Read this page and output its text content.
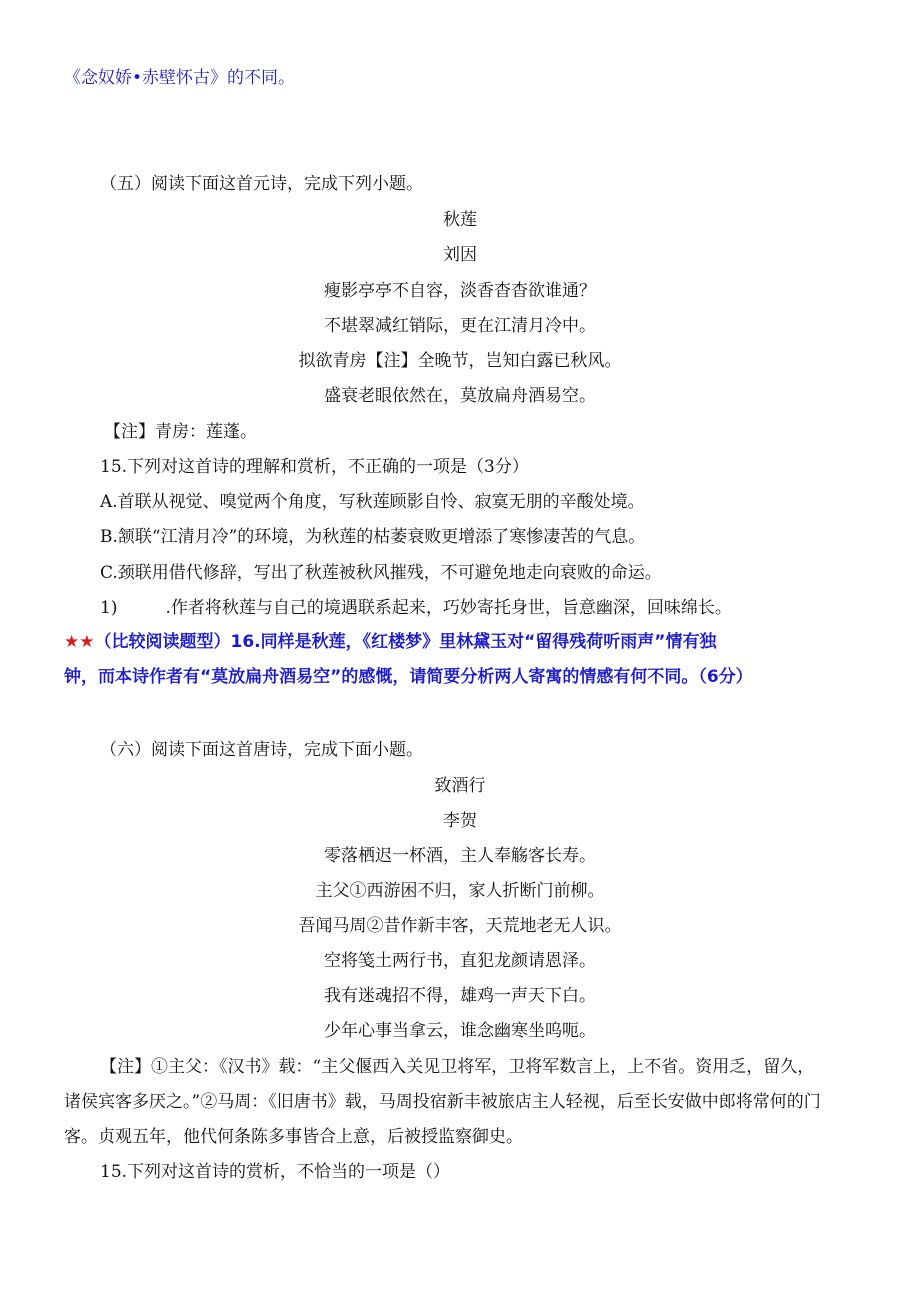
《念奴娇•赤壁怀古》的不同。
（五）阅读下面这首元诗，完成下列小题。
秋莲
刘因
瘦影亭亭不自容，淡香杳杳欲谁通？
不堪翠减红销际，更在江清月冷中。
拟欲青房【注】全晚节，岂知白露已秋风。
盛衰老眼依然在，莫放扁舟酒易空。
【注】青房：莲蓬。
15.下列对这首诗的理解和赏析，不正确的一项是（3分）
A.首联从视觉、嗅觉两个角度，写秋莲顾影自怜、寂寞无朋的辛酸处境。
B.颔联“江清月冷”的环境，为秋莲的枯萎衰败更增添了寒惨凄苦的气息。
C.颈联用借代修辞，写出了秋莲被秋风摧残，不可避免地走向衰败的命运。
1)	.作者将秋莲与自己的境遇联系起来，巧妙寄托身世，旨意幽深，回味绵长。
★★（比较阅读题型）16.同样是秋莲，《红楼梦》里林黛玉对“留得残荷听雨声”情有独
钟，而本诗作者有“莫放扁舟酒易空”的感慨，请简要分析两人寄寓的情感有何不同。（6分）
（六）阅读下面这首唐诗，完成下面小题。
致酒行
李贺
零落栖迟一杯酒，主人奉觞客长寿。
主父①西游困不归，家人折断门前柳。
吾闻马周②昔作新丰客，天荒地老无人识。
空将笺土两行书，直犯龙颜请恩泽。
我有迷魂招不得，雄鸡一声天下白。
少年心事当拿云，谁念幽寒坐呜呃。
【注】①主父：《汉书》载：“主父偃西入关见卫将军，卫将军数言上，上不省。资用乏，留久，
诸侯宾客多厌之。”②马周：《旧唐书》载，马周投宿新丰被旅店主人轻视，后至长安做中郎将常何的门
客。贞观五年，他代何条陈多事皆合上意，后被授监察御史。
15.下列对这首诗的赏析，不恰当的一项是（）
